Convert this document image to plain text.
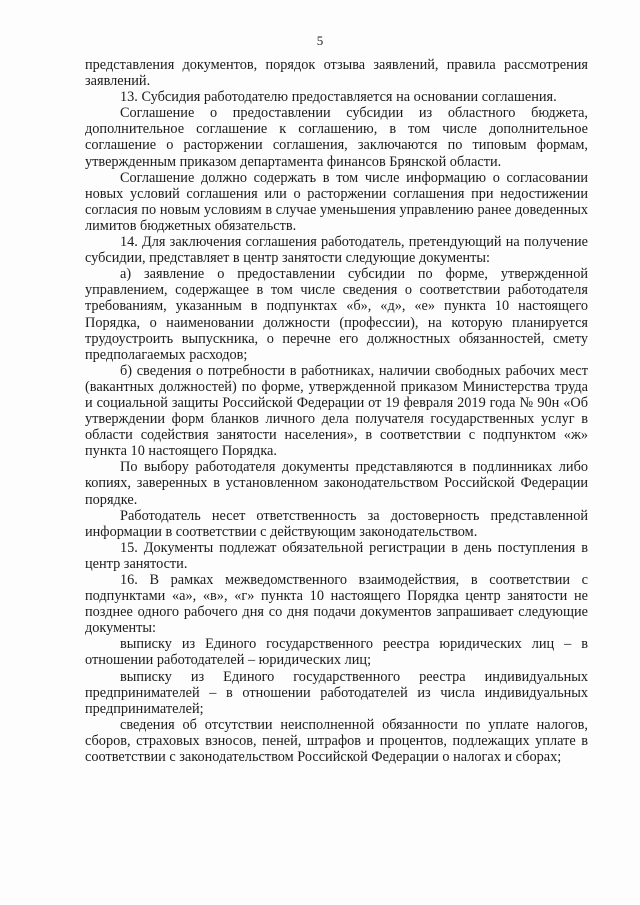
5

представления документов, порядок отзыва заявлений, правила рассмотрения заявлений.

13. Субсидия работодателю предоставляется на основании соглашения.

Соглашение о предоставлении субсидии из областного бюджета, дополнительное соглашение к соглашению, в том числе дополнительное соглашение о расторжении соглашения, заключаются по типовым формам, утвержденным приказом департамента финансов Брянской области.

Соглашение должно содержать в том числе информацию о согласовании новых условий соглашения или о расторжении соглашения при недостижении согласия по новым условиям в случае уменьшения управлению ранее доведенных лимитов бюджетных обязательств.

14. Для заключения соглашения работодатель, претендующий на получение субсидии, представляет в центр занятости следующие документы:

а) заявление о предоставлении субсидии по форме, утвержденной управлением, содержащее в том числе сведения о соответствии работодателя требованиям, указанным в подпунктах «б», «д», «е» пункта 10 настоящего Порядка, о наименовании должности (профессии), на которую планируется трудоустроить выпускника, о перечне его должностных обязанностей, смету предполагаемых расходов;

б) сведения о потребности в работниках, наличии свободных рабочих мест (вакантных должностей) по форме, утвержденной приказом Министерства труда и социальной защиты Российской Федерации от 19 февраля 2019 года № 90н «Об утверждении форм бланков личного дела получателя государственных услуг в области содействия занятости населения», в соответствии с подпунктом «ж» пункта 10 настоящего Порядка.

По выбору работодателя документы представляются в подлинниках либо копиях, заверенных в установленном законодательством Российской Федерации порядке.

Работодатель несет ответственность за достоверность представленной информации в соответствии с действующим законодательством.

15. Документы подлежат обязательной регистрации в день поступления в центр занятости.

16. В рамках межведомственного взаимодействия, в соответствии с подпунктами «а», «в», «г» пункта 10 настоящего Порядка центр занятости не позднее одного рабочего дня со дня подачи документов запрашивает следующие документы:

выписку из Единого государственного реестра юридических лиц – в отношении работодателей – юридических лиц;

выписку из Единого государственного реестра индивидуальных предпринимателей – в отношении работодателей из числа индивидуальных предпринимателей;

сведения об отсутствии неисполненной обязанности по уплате налогов, сборов, страховых взносов, пеней, штрафов и процентов, подлежащих уплате в соответствии с законодательством Российской Федерации о налогах и сборах;
